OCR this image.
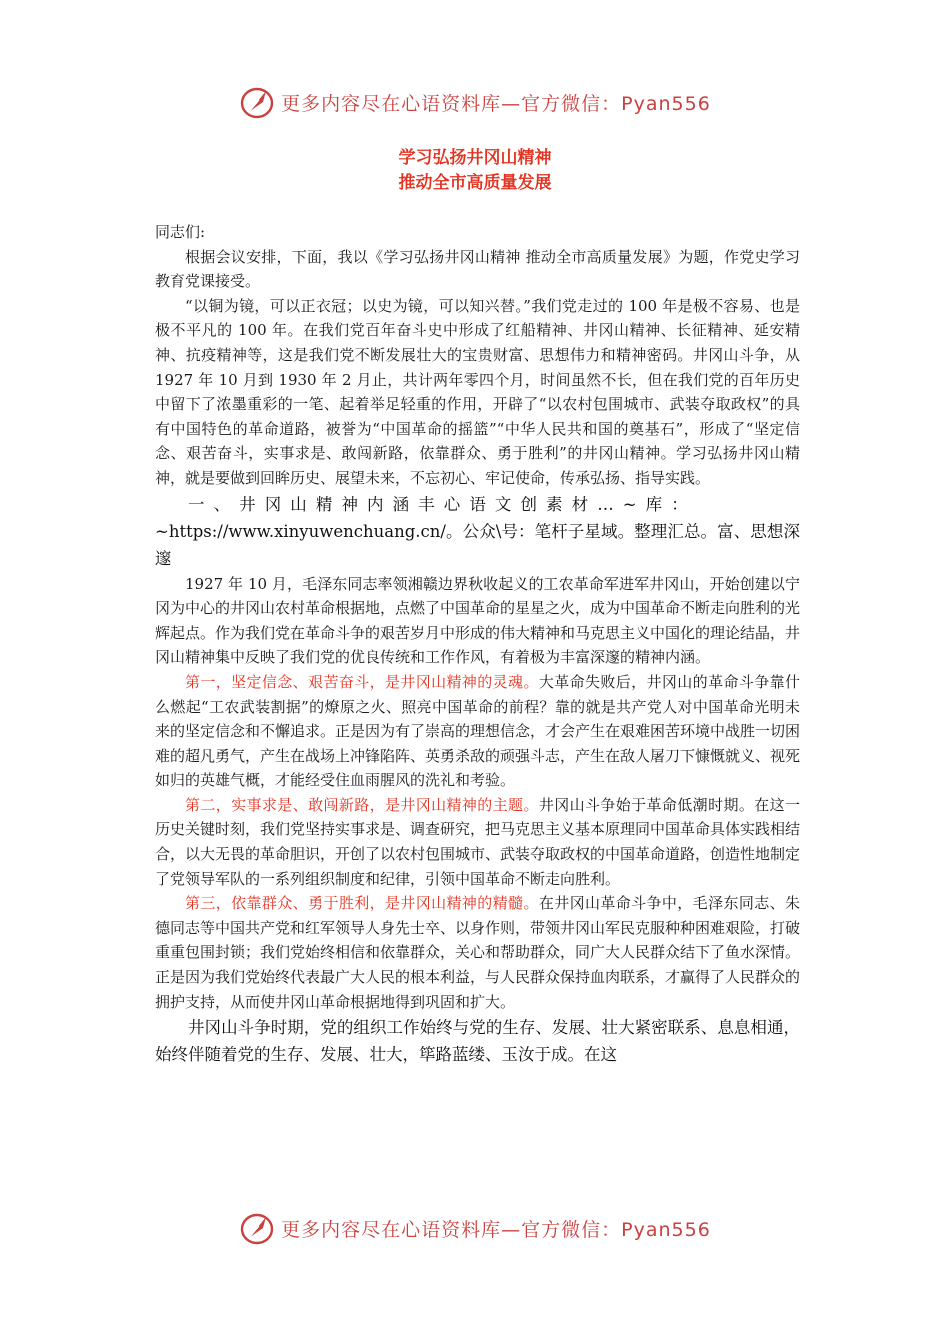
更多内容尽在心语资料库—官方微信：Pyan556
学习弘扬井冈山精神
推动全市高质量发展

同志们:

根据会议安排，下面，我以《学习弘扬井冈山精神 推动全市高质量发展》为题，作党史学习教育党课接受。

“以铜为镜，可以正衣冠；以史为镜，可以知兴替。”我们党走过的 100 年是极不容易、也是极不平凡的 100 年。在我们党百年奋斗史中形成了红船精神、井冈山精神、长征精神、延安精神、抗疫精神等，这是我们党不断发展壮大的宝贵财富、思想伟力和精神密码。井冈山斗争，从 1927 年 10 月到 1930 年 2 月止，共计两年零四个月，时间虽然不长，但在我们党的百年历史中留下了浓墨重彩的一笔、起着举足轻重的作用，开辟了“以农村包围城市、武装夺取政权”的具有中国特色的革命道路，被誉为“中国革命的摇篮”“中华人民共和国的奠基石”，形成了“坚定信念、艰苦奋斗，实事求是、敢闯新路，依靠群众、勇于胜利”的井冈山精神。学习弘扬井冈山精神，就是要做到回眸历史、展望未来，不忘初心、牢记使命，传承弘扬、指导实践。

一、井冈山精神内涵丰心语文创素材…~库：

~https://www.xinyuwenchuang.cn/。公众\号：笔杆子星域。整理汇总。富、思想深邃

1927 年 10 月，毛泽东同志率领湘赣边界秋收起义的工农革命军进军井冈山，开始创建以宁冈为中心的井冈山农村革命根据地，点燃了中国革命的星星之火，成为中国革命不断走向胜利的光辉起点。作为我们党在革命斗争的艰苦岁月中形成的伟大精神和马克思主义中国化的理论结晶，井冈山精神集中反映了我们党的优良传统和工作作风，有着极为丰富深邃的精神内涵。

第一，坚定信念、艰苦奋斗，是井冈山精神的灵魂。大革命失败后，井冈山的革命斗争靠什么燃起“工农武装割据”的燎原之火、照亮中国革命的前程？靠的就是共产党人对中国革命光明未来的坚定信念和不懈追求。正是因为有了崇高的理想信念，才会产生在艰难困苦环境中战胜一切困难的超凡勇气，产生在战场上冲锋陷阵、英勇杀敌的顽强斗志，产生在敌人屠刀下慷慨就义、视死如归的英雄气概，才能经受住血雨腥风的洗礼和考验。

第二，实事求是、敢闯新路，是井冈山精神的主题。井冈山斗争始于革命低潮时期。在这一历史关键时刻，我们党坚持实事求是、调查研究，把马克思主义基本原理同中国革命具体实践相结合，以大无畏的革命胆识，开创了以农村包围城市、武装夺取政权的中国革命道路，创造性地制定了党领导军队的一系列组织制度和纪律，引领中国革命不断走向胜利。

第三，依靠群众、勇于胜利，是井冈山精神的精髓。在井冈山革命斗争中，毛泽东同志、朱德同志等中国共产党和红军领导人身先士卒、以身作则，带领井冈山军民克服种种困难艰险，打破重重包围封锁；我们党始终相信和依靠群众，关心和帮助群众，同广大人民群众结下了鱼水深情。正是因为我们党始终代表最广大人民的根本利益，与人民群众保持血肉联系，才赢得了人民群众的拥护支持，从而使井冈山革命根据地得到巩固和扩大。

井冈山斗争时期，党的组织工作始终与党的生存、发展、壮大紧密联系、息息相通，始终伴随着党的生存、发展、壮大，筚路蓝缕、玉汝于成。在这

更多内容尽在心语资料库—官方微信：Pyan556
